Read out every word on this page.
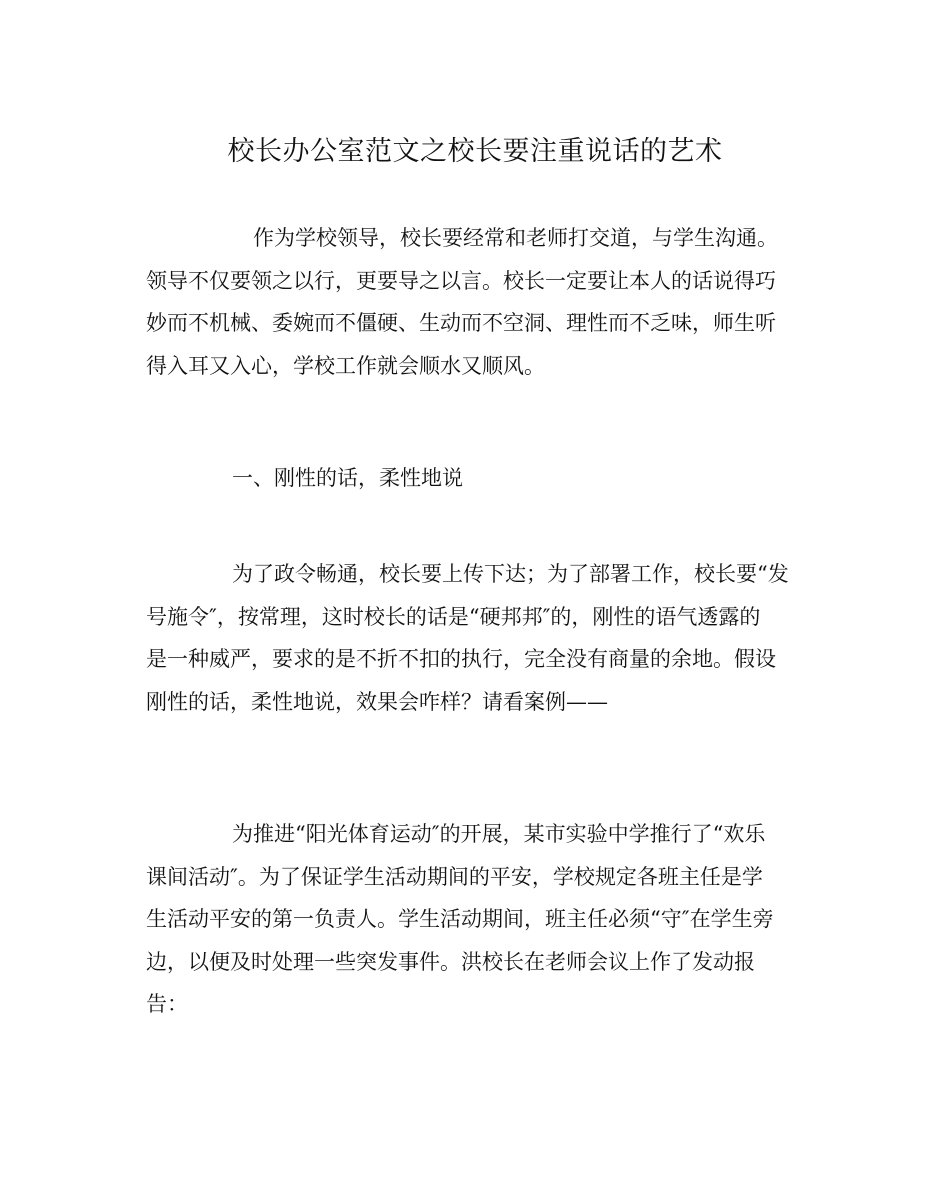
校长办公室范文之校长要注重说话的艺术
作为学校领导，校长要经常和老师打交道，与学生沟通。
领导不仅要领之以行，更要导之以言。校长一定要让本人的话说得巧
妙而不机械、委婉而不僵硬、生动而不空洞、理性而不乏味，师生听
得入耳又入心，学校工作就会顺水又顺风。
一、刚性的话，柔性地说
为了政令畅通，校长要上传下达；为了部署工作，校长要“发
号施令″，按常理，这时校长的话是“硬邦邦″的，刚性的语气透露的
是一种威严，要求的是不折不扣的执行，完全没有商量的余地。假设
刚性的话，柔性地说，效果会咋样？请看案例——
为推进“阳光体育运动″的开展，某市实验中学推行了“欢乐
课间活动″。为了保证学生活动期间的平安，学校规定各班主任是学
生活动平安的第一负责人。学生活动期间，班主任必须“守″在学生旁
边，以便及时处理一些突发事件。洪校长在老师会议上作了发动报
告：
